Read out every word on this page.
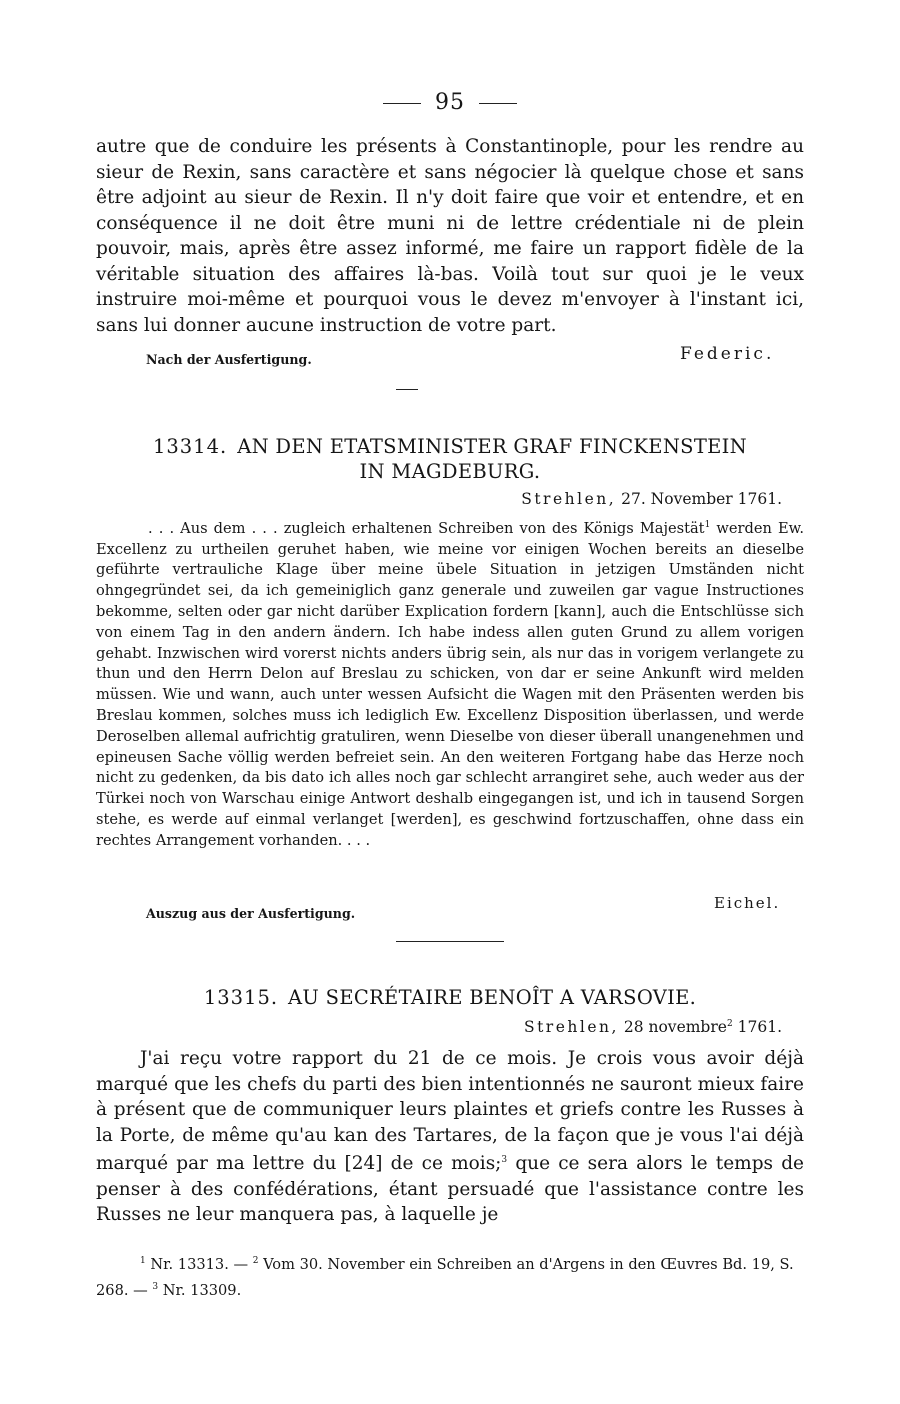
95
autre que de conduire les présents à Constantinople, pour les rendre au sieur de Rexin, sans caractère et sans négocier là quelque chose et sans être adjoint au sieur de Rexin. Il n'y doit faire que voir et entendre, et en conséquence il ne doit être muni ni de lettre crédentiale ni de plein pouvoir, mais, après être assez informé, me faire un rapport fidèle de la véritable situation des affaires là-bas. Voilà tout sur quoi je le veux instruire moi-même et pourquoi vous le devez m'envoyer à l'instant ici, sans lui donner aucune instruction de votre part.
Nach der Ausfertigung.	Federic.
13314. AN DEN ETATSMINISTER GRAF FINCKENSTEIN
IN MAGDEBURG.
Strehlen, 27. November 1761.
. . . Aus dem . . . zugleich erhaltenen Schreiben von des Königs Majestät$^1$ werden Ew. Excellenz zu urtheilen geruhet haben, wie meine vor einigen Wochen bereits an dieselbe geführte vertrauliche Klage über meine übele Situation in jetzigen Umständen nicht ohngegründet sei, da ich gemeiniglich ganz generale und zuweilen gar vague Instructiones bekomme, selten oder gar nicht darüber Explication fordern [kann], auch die Entschlüsse sich von einem Tag in den andern ändern. Ich habe indess allen guten Grund zu allem vorigen gehabt. Inzwischen wird vorerst nichts anders übrig sein, als nur das in vorigem verlangete zu thun und den Herrn Delon auf Breslau zu schicken, von dar er seine Ankunft wird melden müssen. Wie und wann, auch unter wessen Aufsicht die Wagen mit den Präsenten werden bis Breslau kommen, solches muss ich lediglich Ew. Excellenz Disposition überlassen, und werde Deroselben allemal aufrichtig gratuliren, wenn Dieselbe von dieser überall unangenehmen und epineusen Sache völlig werden befreiet sein. An den weiteren Fortgang habe das Herze noch nicht zu gedenken, da bis dato ich alles noch gar schlecht arrangiret sehe, auch weder aus der Türkei noch von Warschau einige Antwort deshalb eingegangen ist, und ich in tausend Sorgen stehe, es werde auf einmal verlanget [werden], es geschwind fortzuschaffen, ohne dass ein rechtes Arrangement vorhanden. . . .
Auszug aus der Ausfertigung.
Eichel.
13315. AU SECRÉTAIRE BENOÎT A VARSOVIE.
Strehlen, 28 novembre$^2$ 1761.
J'ai reçu votre rapport du 21 de ce mois. Je crois vous avoir déjà marqué que les chefs du parti des bien intentionnés ne sauront mieux faire à présent que de communiquer leurs plaintes et griefs contre les Russes à la Porte, de même qu'au kan des Tartares, de la façon que je vous l'ai déjà marqué par ma lettre du [24] de ce mois;$^3$ que ce sera alors le temps de penser à des confédérations, étant persuadé que l'assistance contre les Russes ne leur manquera pas, à laquelle je
$^1$ Nr. 13313. — $^2$ Vom 30. November ein Schreiben an d'Argens in den Œuvres Bd. 19, S. 268. — $^3$ Nr. 13309.
